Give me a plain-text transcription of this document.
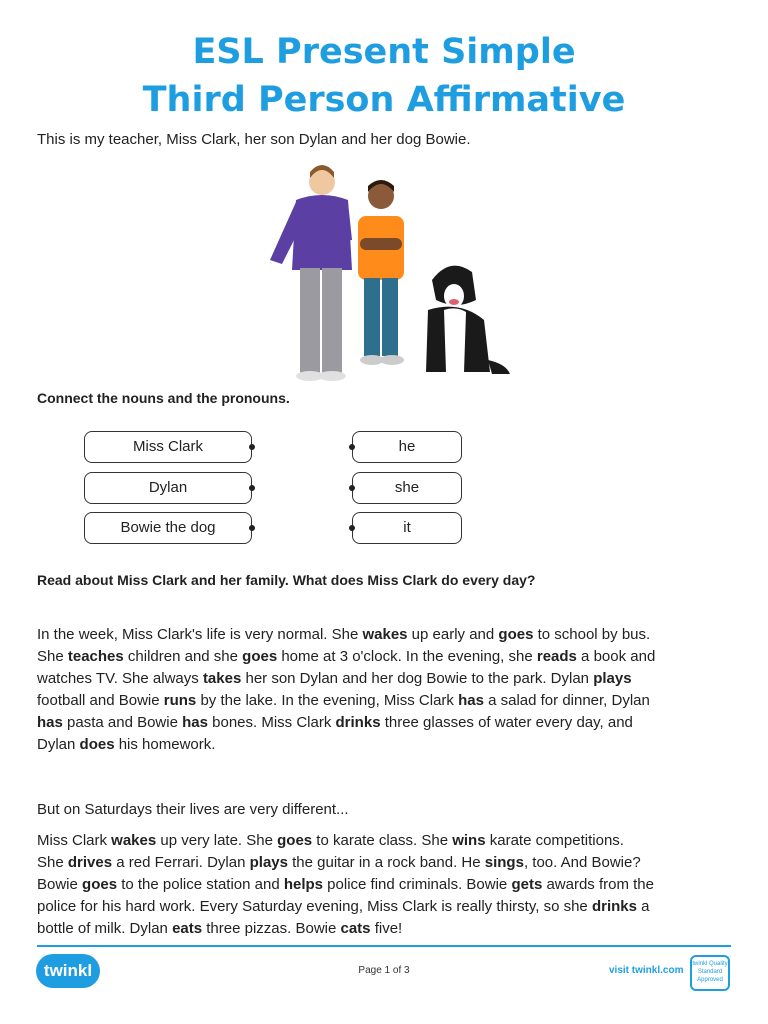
ESL Present Simple
Third Person Affirmative
This is my teacher, Miss Clark, her son Dylan and her dog Bowie.
Connect the nouns and the pronouns.
Miss Clark
Dylan
Bowie the dog
he
she
it
Read about Miss Clark and her family. What does Miss Clark do every day?
In the week, Miss Clark's life is very normal. She wakes up early and goes to school by bus.
She teaches children and she goes home at 3 o'clock. In the evening, she reads a book and
watches TV. She always takes her son Dylan and her dog Bowie to the park. Dylan plays
football and Bowie runs by the lake. In the evening, Miss Clark has a salad for dinner, Dylan
has pasta and Bowie has bones. Miss Clark drinks three glasses of water every day, and
Dylan does his homework.
But on Saturdays their lives are very different...
Miss Clark wakes up very late. She goes to karate class. She wins karate competitions.
She drives a red Ferrari. Dylan plays the guitar in a rock band. He sings, too. And Bowie?
Bowie goes to the police station and helps police find criminals. Bowie gets awards from the
police for his hard work. Every Saturday evening, Miss Clark is really thirsty, so she drinks a
bottle of milk. Dylan eats three pizzas. Bowie cats five!
twinkl	Page 1 of 3	visit twinkl.com
twinkl Quality Standard Approved
